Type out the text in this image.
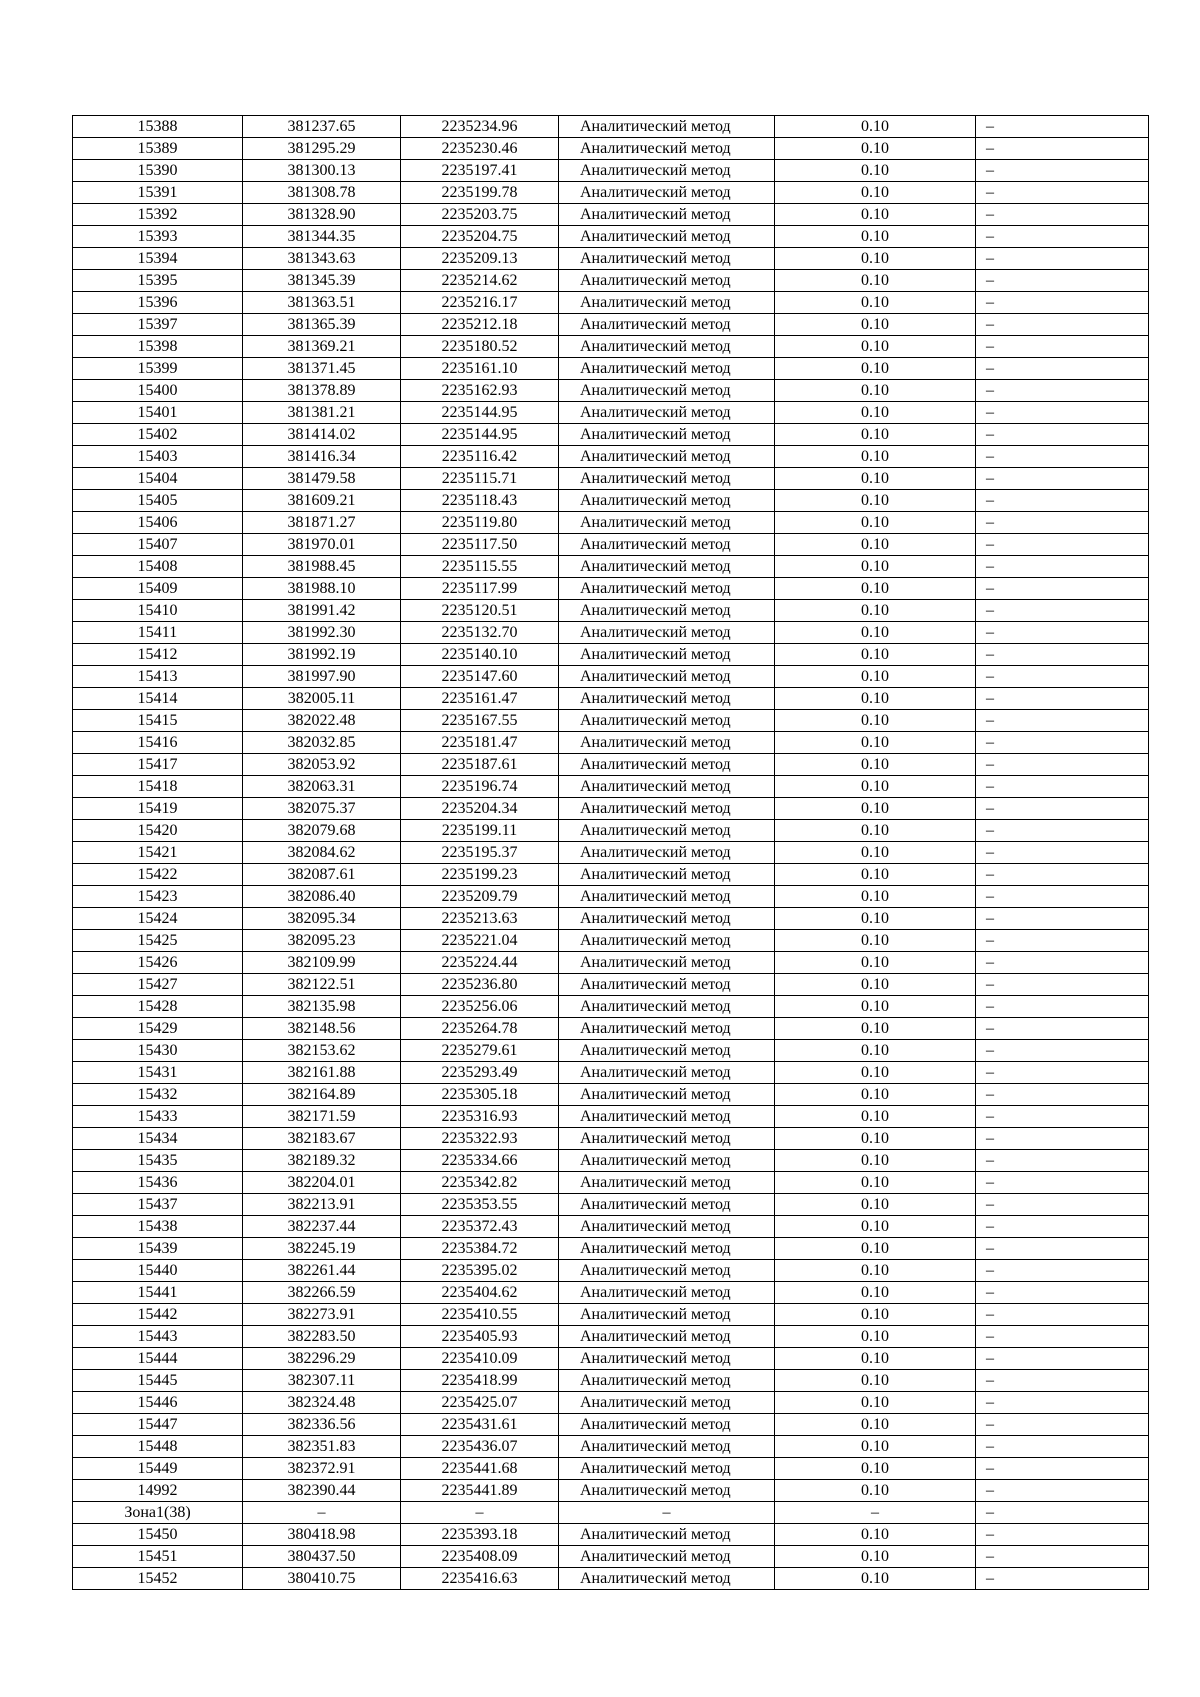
15388	381237.65	2235234.96	Аналитический метод	0.10	–
15389	381295.29	2235230.46	Аналитический метод	0.10	–
15390	381300.13	2235197.41	Аналитический метод	0.10	–
15391	381308.78	2235199.78	Аналитический метод	0.10	–
15392	381328.90	2235203.75	Аналитический метод	0.10	–
15393	381344.35	2235204.75	Аналитический метод	0.10	–
15394	381343.63	2235209.13	Аналитический метод	0.10	–
15395	381345.39	2235214.62	Аналитический метод	0.10	–
15396	381363.51	2235216.17	Аналитический метод	0.10	–
15397	381365.39	2235212.18	Аналитический метод	0.10	–
15398	381369.21	2235180.52	Аналитический метод	0.10	–
15399	381371.45	2235161.10	Аналитический метод	0.10	–
15400	381378.89	2235162.93	Аналитический метод	0.10	–
15401	381381.21	2235144.95	Аналитический метод	0.10	–
15402	381414.02	2235144.95	Аналитический метод	0.10	–
15403	381416.34	2235116.42	Аналитический метод	0.10	–
15404	381479.58	2235115.71	Аналитический метод	0.10	–
15405	381609.21	2235118.43	Аналитический метод	0.10	–
15406	381871.27	2235119.80	Аналитический метод	0.10	–
15407	381970.01	2235117.50	Аналитический метод	0.10	–
15408	381988.45	2235115.55	Аналитический метод	0.10	–
15409	381988.10	2235117.99	Аналитический метод	0.10	–
15410	381991.42	2235120.51	Аналитический метод	0.10	–
15411	381992.30	2235132.70	Аналитический метод	0.10	–
15412	381992.19	2235140.10	Аналитический метод	0.10	–
15413	381997.90	2235147.60	Аналитический метод	0.10	–
15414	382005.11	2235161.47	Аналитический метод	0.10	–
15415	382022.48	2235167.55	Аналитический метод	0.10	–
15416	382032.85	2235181.47	Аналитический метод	0.10	–
15417	382053.92	2235187.61	Аналитический метод	0.10	–
15418	382063.31	2235196.74	Аналитический метод	0.10	–
15419	382075.37	2235204.34	Аналитический метод	0.10	–
15420	382079.68	2235199.11	Аналитический метод	0.10	–
15421	382084.62	2235195.37	Аналитический метод	0.10	–
15422	382087.61	2235199.23	Аналитический метод	0.10	–
15423	382086.40	2235209.79	Аналитический метод	0.10	–
15424	382095.34	2235213.63	Аналитический метод	0.10	–
15425	382095.23	2235221.04	Аналитический метод	0.10	–
15426	382109.99	2235224.44	Аналитический метод	0.10	–
15427	382122.51	2235236.80	Аналитический метод	0.10	–
15428	382135.98	2235256.06	Аналитический метод	0.10	–
15429	382148.56	2235264.78	Аналитический метод	0.10	–
15430	382153.62	2235279.61	Аналитический метод	0.10	–
15431	382161.88	2235293.49	Аналитический метод	0.10	–
15432	382164.89	2235305.18	Аналитический метод	0.10	–
15433	382171.59	2235316.93	Аналитический метод	0.10	–
15434	382183.67	2235322.93	Аналитический метод	0.10	–
15435	382189.32	2235334.66	Аналитический метод	0.10	–
15436	382204.01	2235342.82	Аналитический метод	0.10	–
15437	382213.91	2235353.55	Аналитический метод	0.10	–
15438	382237.44	2235372.43	Аналитический метод	0.10	–
15439	382245.19	2235384.72	Аналитический метод	0.10	–
15440	382261.44	2235395.02	Аналитический метод	0.10	–
15441	382266.59	2235404.62	Аналитический метод	0.10	–
15442	382273.91	2235410.55	Аналитический метод	0.10	–
15443	382283.50	2235405.93	Аналитический метод	0.10	–
15444	382296.29	2235410.09	Аналитический метод	0.10	–
15445	382307.11	2235418.99	Аналитический метод	0.10	–
15446	382324.48	2235425.07	Аналитический метод	0.10	–
15447	382336.56	2235431.61	Аналитический метод	0.10	–
15448	382351.83	2235436.07	Аналитический метод	0.10	–
15449	382372.91	2235441.68	Аналитический метод	0.10	–
14992	382390.44	2235441.89	Аналитический метод	0.10	–
Зона1(38)	–	–	–	–	–
15450	380418.98	2235393.18	Аналитический метод	0.10	–
15451	380437.50	2235408.09	Аналитический метод	0.10	–
15452	380410.75	2235416.63	Аналитический метод	0.10	–
